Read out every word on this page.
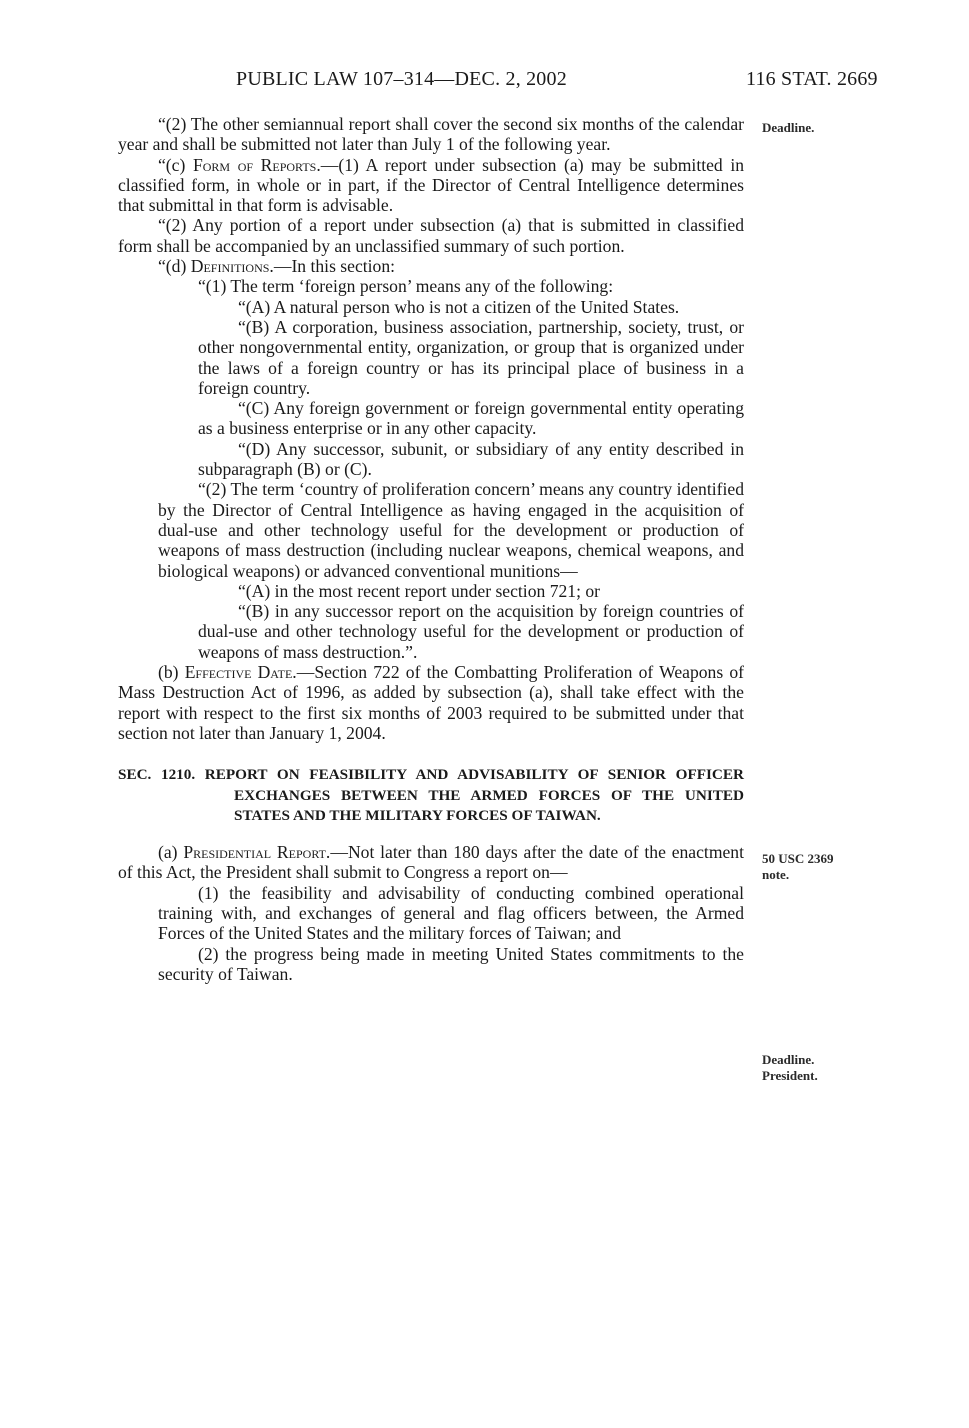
PUBLIC LAW 107–314—DEC. 2, 2002	116 STAT. 2669
Deadline.
50 USC 2369
note.
Deadline.
President.

“(2) The other semiannual report shall cover the second six months of the calendar year and shall be submitted not later than July 1 of the following year.

“(c) Form of Reports.—(1) A report under subsection (a) may be submitted in classified form, in whole or in part, if the Director of Central Intelligence determines that submittal in that form is advisable.

“(2) Any portion of a report under subsection (a) that is submitted in classified form shall be accompanied by an unclassified summary of such portion.

“(d) Definitions.—In this section:

“(1) The term ‘foreign person’ means any of the following:

“(A) A natural person who is not a citizen of the United States.

“(B) A corporation, business association, partnership, society, trust, or other nongovernmental entity, organization, or group that is organized under the laws of a foreign country or has its principal place of business in a foreign country.

“(C) Any foreign government or foreign governmental entity operating as a business enterprise or in any other capacity.

“(D) Any successor, subunit, or subsidiary of any entity described in subparagraph (B) or (C).

“(2) The term ‘country of proliferation concern’ means any country identified by the Director of Central Intelligence as having engaged in the acquisition of dual-use and other technology useful for the development or production of weapons of mass destruction (including nuclear weapons, chemical weapons, and biological weapons) or advanced conventional munitions—

“(A) in the most recent report under section 721; or

“(B) in any successor report on the acquisition by foreign countries of dual-use and other technology useful for the development or production of weapons of mass destruction.”.

(b) Effective Date.—Section 722 of the Combatting Proliferation of Weapons of Mass Destruction Act of 1996, as added by subsection (a), shall take effect with the report with respect to the first six months of 2003 required to be submitted under that section not later than January 1, 2004.

SEC. 1210. REPORT ON FEASIBILITY AND ADVISABILITY OF SENIOR OFFICER EXCHANGES BETWEEN THE ARMED FORCES OF THE UNITED STATES AND THE MILITARY FORCES OF TAIWAN.

(a) Presidential Report.—Not later than 180 days after the date of the enactment of this Act, the President shall submit to Congress a report on—

(1) the feasibility and advisability of conducting combined operational training with, and exchanges of general and flag officers between, the Armed Forces of the United States and the military forces of Taiwan; and

(2) the progress being made in meeting United States commitments to the security of Taiwan.
